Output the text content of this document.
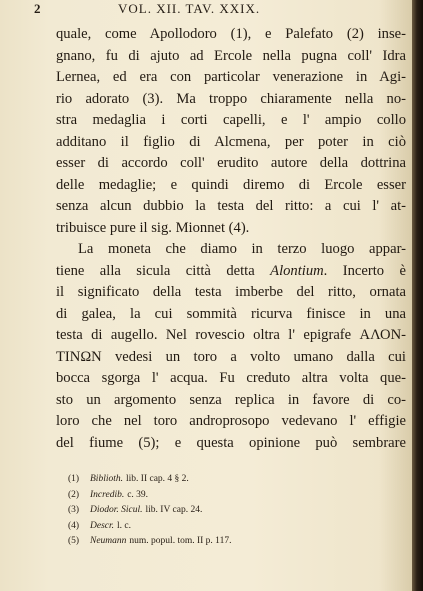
2	VOL. XII. TAV. XXIX.
quale, come Apollodoro (1), e Palefato (2) inse-
gnano, fu di ajuto ad Ercole nella pugna coll' Idra
Lernea, ed era con particolar venerazione in Agi-
rio adorato (3). Ma troppo chiaramente nella no-
stra medaglia i corti capelli, e l' ampio collo
additano il figlio di Alcmena, per poter in ciò
esser di accordo coll' erudito autore della dottrina
delle medaglie; e quindi diremo di Ercole esser
senza alcun dubbio la testa del ritto: a cui l' at-
tribuisce pure il sig. Mionnet (4).
La moneta che diamo in terzo luogo appar-
tiene alla sicula città detta Alontium. Incerto è
il significato della testa imberbe del ritto, ornata
di galea, la cui sommità ricurva finisce in una
testa di augello. Nel rovescio oltra l' epigrafe ΑΛΟΝ-
ΤΙΝΩΝ vedesi un toro a volto umano dalla cui
bocca sgorga l' acqua. Fu creduto altra volta que-
sto un argomento senza replica in favore di co-
loro che nel toro androprosopo vedevano l' effigie
del fiume (5); e questa opinione può sembrare
(1) Biblioth. lib. II cap. 4 § 2.
(2) Incredib. c. 39.
(3) Diodor. Sicul. lib. IV cap. 24.
(4) Descr. l. c.
(5) Neumann num. popul. tom. II p. 117.
